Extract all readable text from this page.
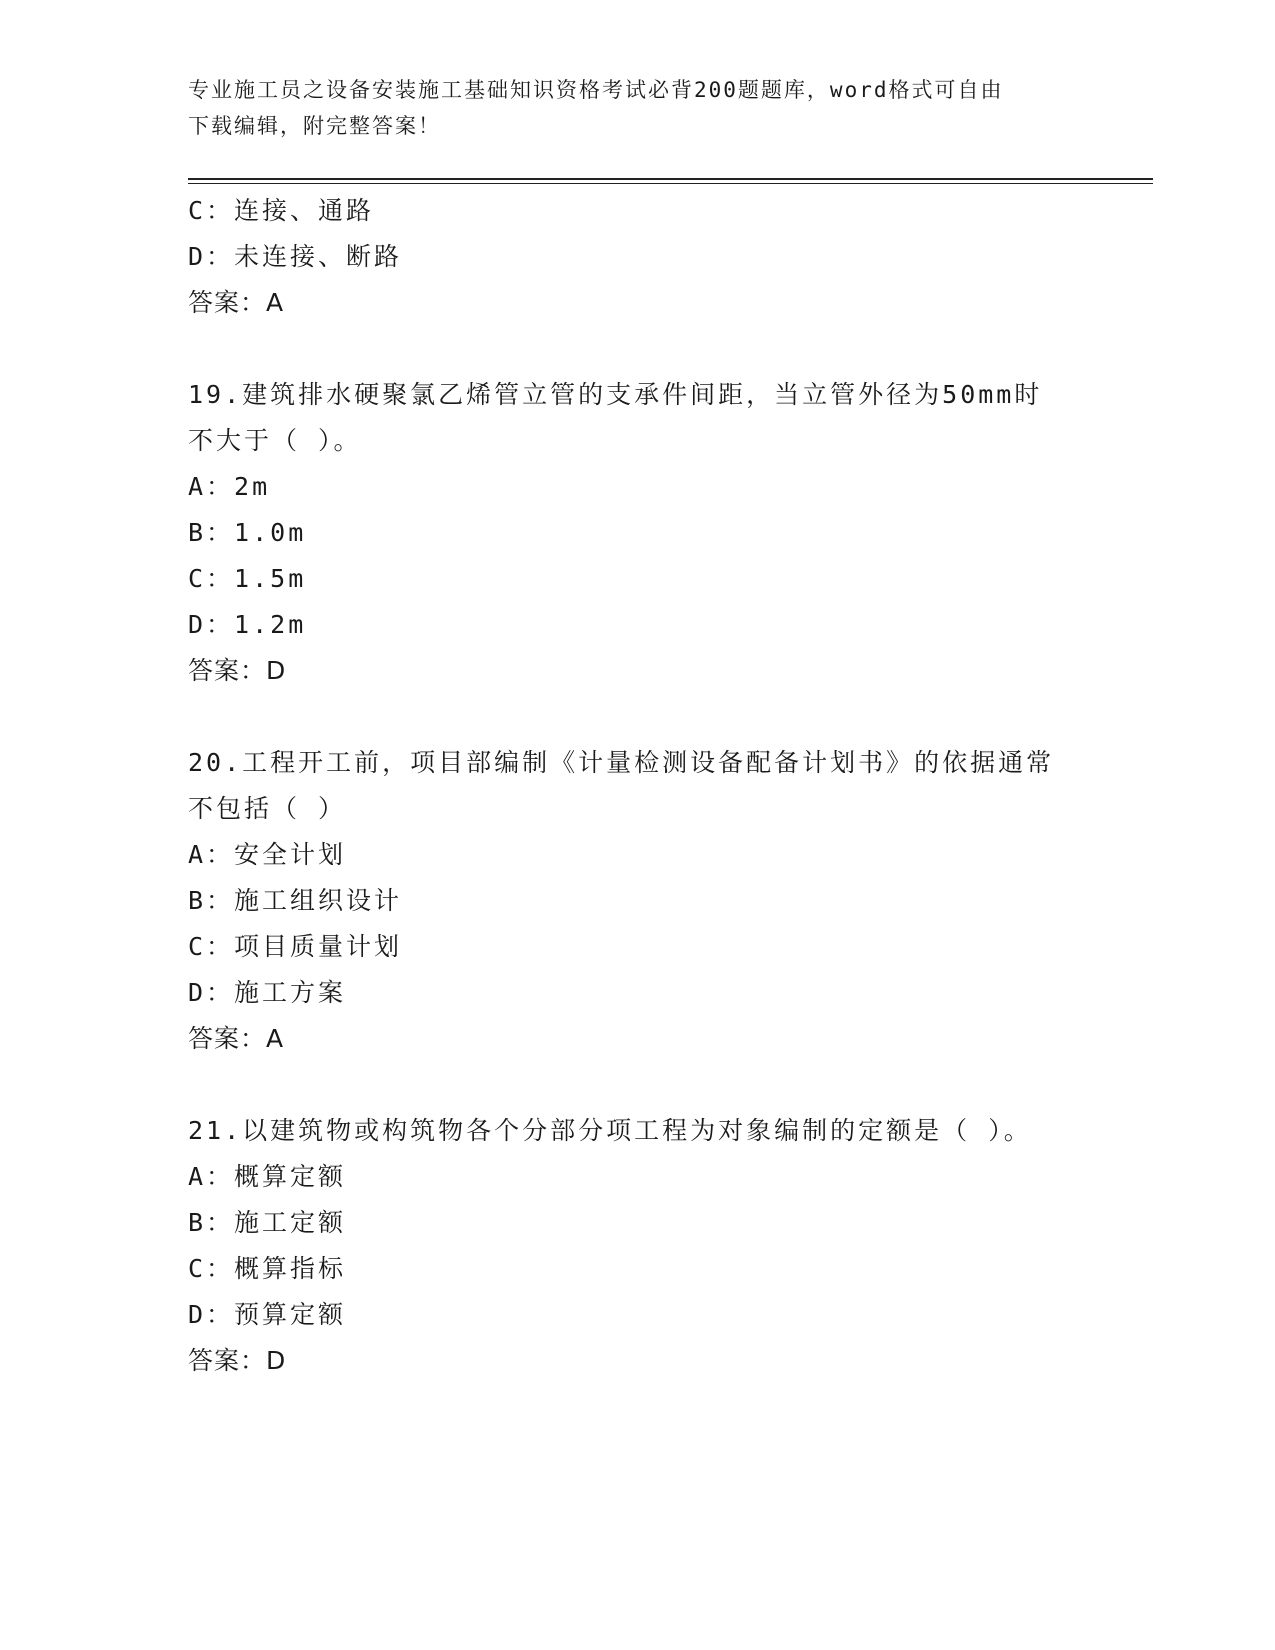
专业施工员之设备安装施工基础知识资格考试必背200题题库，word格式可自由
下载编辑，附完整答案！
C：连接、通路
D：未连接、断路
答案：A
19.建筑排水硬聚氯乙烯管立管的支承件间距，当立管外径为50mm时
不大于（ ）。
A：2m
B：1.0m
C：1.5m
D：1.2m
答案：D
20.工程开工前，项目部编制《计量检测设备配备计划书》的依据通常
不包括（ ）
A：安全计划
B：施工组织设计
C：项目质量计划
D：施工方案
答案：A
21.以建筑物或构筑物各个分部分项工程为对象编制的定额是（ ）。
A：概算定额
B：施工定额
C：概算指标
D：预算定额
答案：D
